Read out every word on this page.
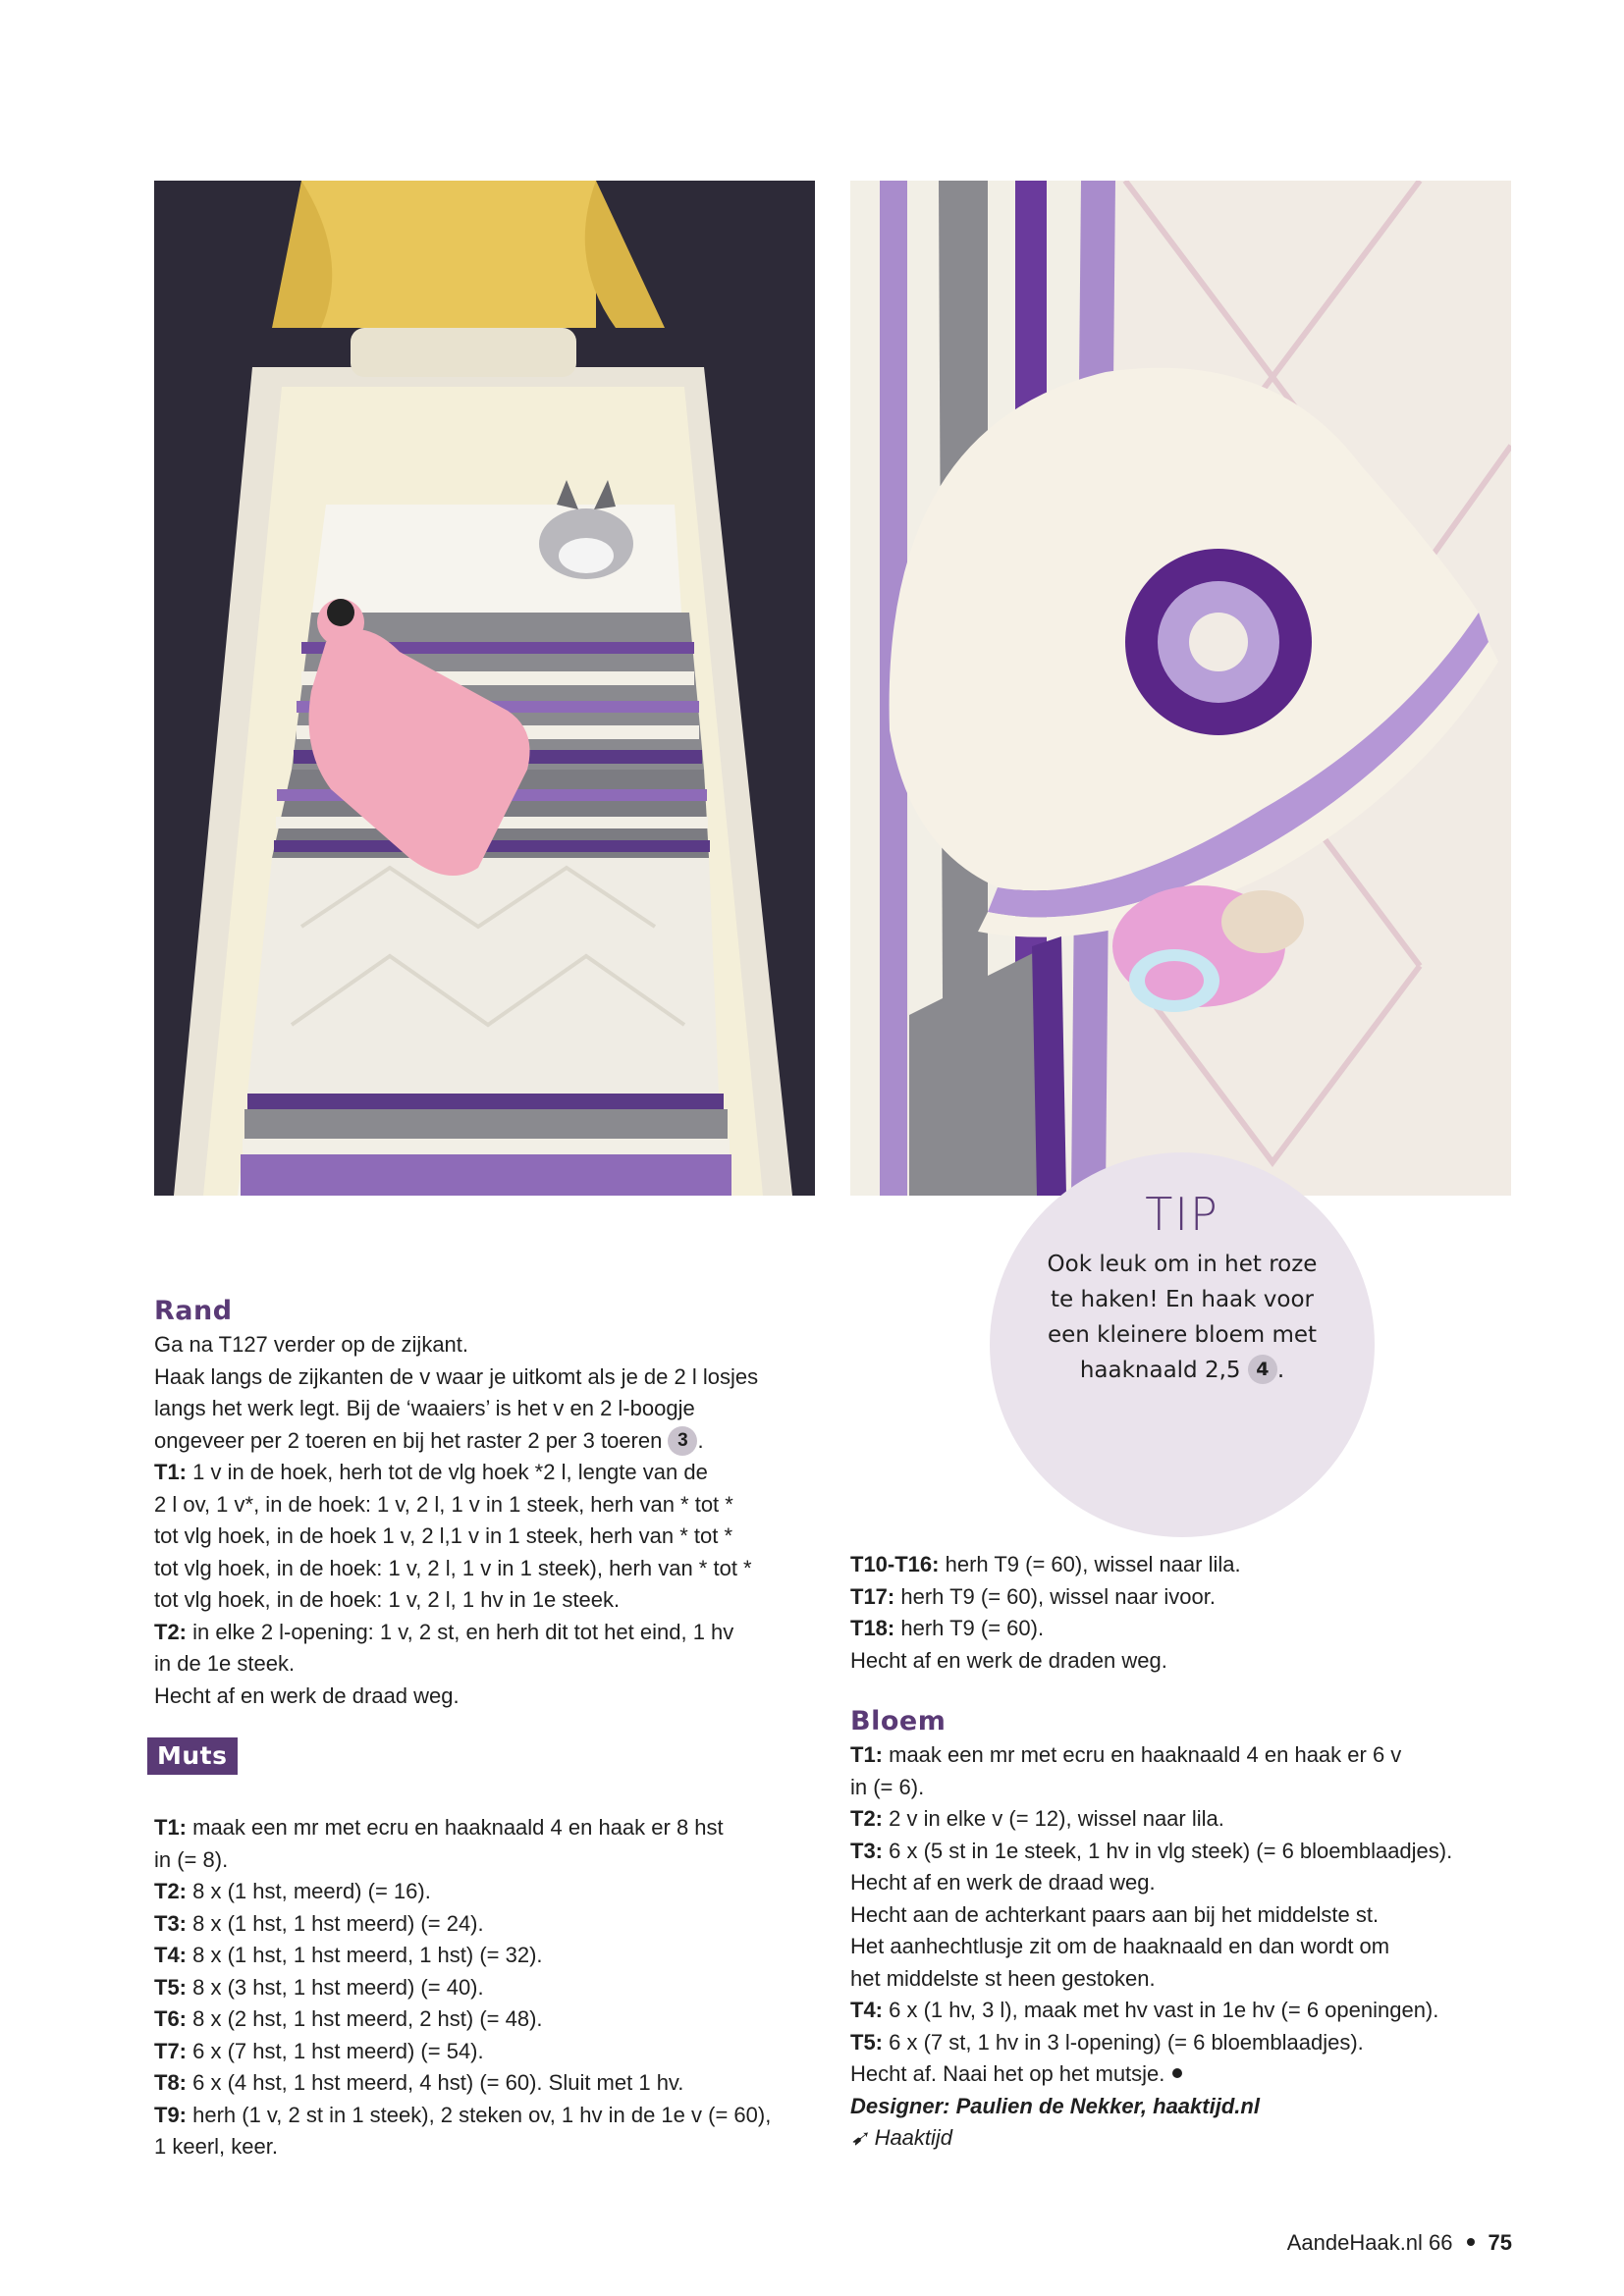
TIP
Ook leuk om in het roze
te haken! En haak voor
een kleinere bloem met
haaknaald 2,5 4 .

Rand

Ga na T127 verder op de zijkant.

Haak langs de zijkanten de v waar je uitkomt als je de 2 l losjes

langs het werk legt. Bij de ‘waaiers’ is het v en 2 l-boogje

ongeveer per 2 toeren en bij het raster 2 per 3 toeren 3 .

T1: 1 v in de hoek, herh tot de vlg hoek *2 l, lengte van de

2 l ov, 1 v*, in de hoek: 1 v, 2 l, 1 v in 1 steek, herh van * tot *

tot vlg hoek, in de hoek 1 v, 2 l,1 v in 1 steek, herh van * tot *

tot vlg hoek, in de hoek: 1 v, 2 l, 1 v in 1 steek), herh van * tot *

tot vlg hoek, in de hoek: 1 v, 2 l, 1 hv in 1e steek.

T2: in elke 2 l-opening: 1 v, 2 st, en herh dit tot het eind, 1 hv

in de 1e steek.

Hecht af en werk de draad weg.

Muts

T1: maak een mr met ecru en haaknaald 4 en haak er 8 hst

in (= 8).

T2: 8 x (1 hst, meerd) (= 16).

T3: 8 x (1 hst, 1 hst meerd) (= 24).

T4: 8 x (1 hst, 1 hst meerd, 1 hst) (= 32).

T5: 8 x (3 hst, 1 hst meerd) (= 40).

T6: 8 x (2 hst, 1 hst meerd, 2 hst) (= 48).

T7: 6 x (7 hst, 1 hst meerd) (= 54).

T8: 6 x (4 hst, 1 hst meerd, 4 hst) (= 60). Sluit met 1 hv.

T9: herh (1 v, 2 st in 1 steek), 2 steken ov, 1 hv in de 1e v (= 60),

1 keerl, keer.

T10-T16: herh T9 (= 60), wissel naar lila.

T17: herh T9 (= 60), wissel naar ivoor.

T18: herh T9 (= 60).

Hecht af en werk de draden weg.

Bloem

T1: maak een mr met ecru en haaknaald 4 en haak er 6 v

in (= 6).

T2: 2 v in elke v (= 12), wissel naar lila.

T3: 6 x (5 st in 1e steek, 1 hv in vlg steek) (= 6 bloemblaadjes).

Hecht af en werk de draad weg.

Hecht aan de achterkant paars aan bij het middelste st.

Het aanhechtlusje zit om de haaknaald en dan wordt om

het middelste st heen gestoken.

T4: 6 x (1 hv, 3 l), maak met hv vast in 1e hv (= 6 openingen).

T5: 6 x (7 st, 1 hv in 3 l-opening) (= 6 bloemblaadjes).

Hecht af. Naai het op het mutsje.

Designer: Paulien de Nekker, haaktijd.nl

➹ Haaktijd

AandeHaak.nl 66 75
